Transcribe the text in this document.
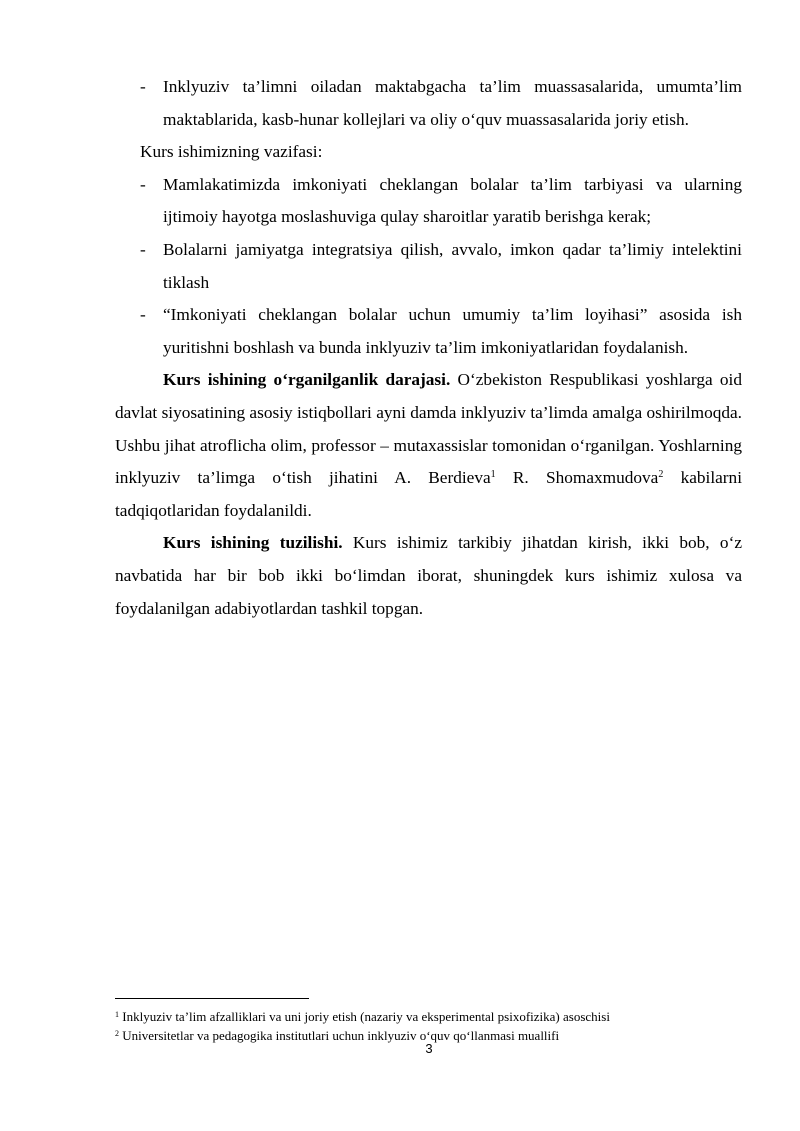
- Inklyuziv ta’limni oiladan maktabgacha ta’lim muassasalarida, umumta’lim maktablarida, kasb-hunar kollejlari va oliy o‘quv muassasalarida joriy etish.
Kurs ishimizning vazifasi:
- Mamlakatimizda imkoniyati cheklangan bolalar ta’lim tarbiyasi va ularning ijtimoiy hayotga moslashuviga qulay sharoitlar yaratib berishga kerak;
- Bolalarni jamiyatga integratsiya qilish, avvalo, imkon qadar ta’limiy intelektini tiklash
- “Imkoniyati cheklangan bolalar uchun umumiy ta’lim loyihasi” asosida ish yuritishni boshlash va bunda inklyuziv ta’lim imkoniyatlaridan foydalanish.
Kurs ishining o‘rganilganlik darajasi. O‘zbekiston Respublikasi yoshlarga oid davlat siyosatining asosiy istiqbollari ayni damda inklyuziv ta’limda amalga oshirilmoqda. Ushbu jihat atroflicha olim, professor – mutaxassislar tomonidan o‘rganilgan. Yoshlarning inklyuziv ta’limga o‘tish jihatini A. Berdieva$^1$ R. Shomaxmudova$^2$ kabilarni tadqiqotlaridan foydalanildi.
Kurs ishining tuzilishi. Kurs ishimiz tarkibiy jihatdan kirish, ikki bob, o‘z navbatida har bir bob ikki bo‘limdan iborat, shuningdek kurs ishimiz xulosa va foydalanilgan adabiyotlardan tashkil topgan.
$^1$ Inklyuziv ta’lim afzalliklari va uni joriy etish (nazariy va eksperimental psixofizika) asoschisi
$^2$ Universitetlar va pedagogika institutlari uchun inklyuziv o‘quv qo‘llanmasi muallifi
3
